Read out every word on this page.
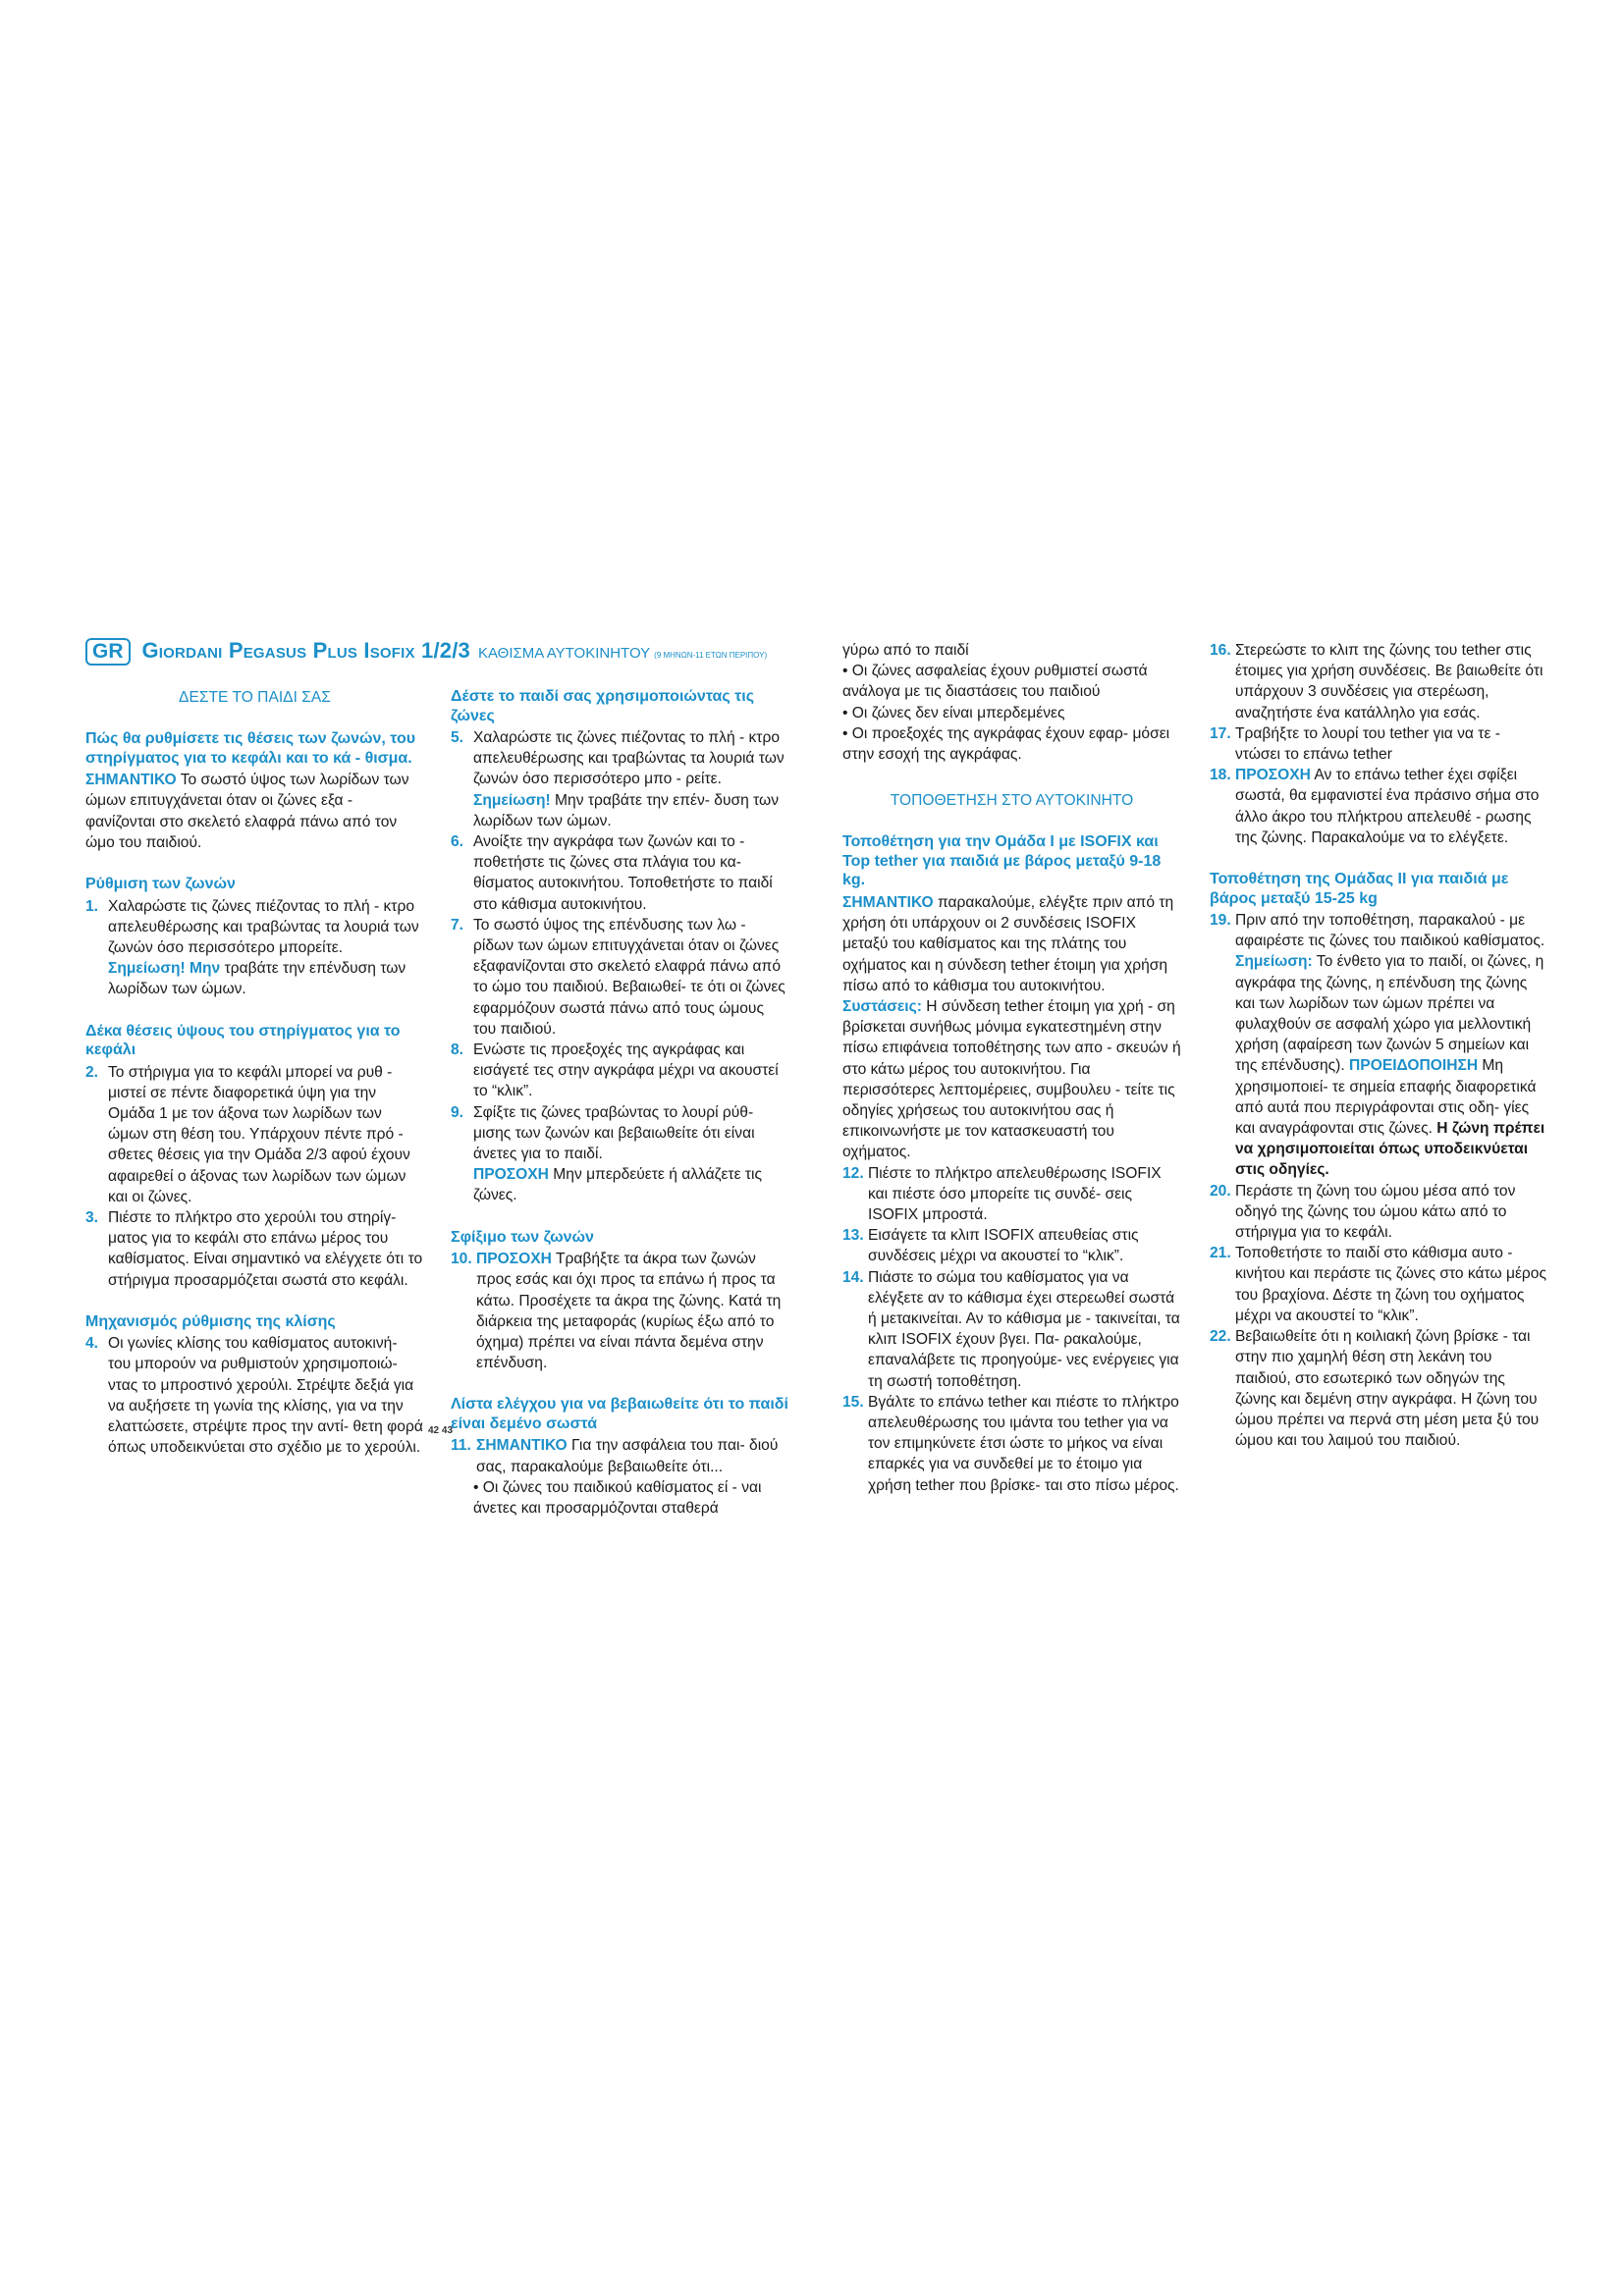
GR Giordani Pegasus Plus Isofix 1/2/3 ΚΑΘΙΣΜΑ ΑΥΤΟΚΙΝΗΤΟΥ (9 ΜΗΝΩΝ-11 ΕΤΩΝ ΠΕΡΙΠΟΥ)

ΔΕΣΤΕ ΤΟ ΠΑΙΔΙ ΣΑΣ

Πώς θα ρυθμίσετε τις θέσεις των ζωνών, του στηρίγματος για το κεφάλι και το κά - θισμα.

ΣΗΜΑΝΤΙΚΟ Το σωστό ύψος των λωρίδων των ώμων επιτυγχάνεται όταν οι ζώνες εξα - φανίζονται στο σκελετό ελαφρά πάνω από τον ώμο του παιδιού.

Ρύθμιση των ζωνών

1. Χαλαρώστε τις ζώνες πιέζοντας το πλή - κτρο απελευθέρωσης και τραβώντας τα λουριά των ζωνών όσο περισσότερο μπορείτε. Σημείωση! Μην τραβάτε την επένδυση των λωρίδων των ώμων.

Δέκα θέσεις ύψους του στηρίγματος για το κεφάλι

2. Το στήριγμα για το κεφάλι μπορεί να ρυθ - μιστεί σε πέντε διαφορετικά ύψη για την Ομάδα 1 με τον άξονα των λωρίδων των ώμων στη θέση του. Υπάρχουν πέντε πρό - σθετες θέσεις για την Ομάδα 2/3 αφού έχουν αφαιρεθεί ο άξονας των λωρίδων των ώμων και οι ζώνες.
3. Πιέστε το πλήκτρο στο χερούλι του στηρίγ- ματος για το κεφάλι στο επάνω μέρος του καθίσματος. Είναι σημαντικό να ελέγχετε ότι το στήριγμα προσαρμόζεται σωστά στο κεφάλι.

Μηχανισμός ρύθμισης της κλίσης

4. Οι γωνίες κλίσης του καθίσματος αυτοκινή- του μπορούν να ρυθμιστούν χρησιμοποιώ- ντας το μπροστινό χερούλι. Στρέψτε δεξιά για να αυξήσετε τη γωνία της κλίσης, για να την ελαττώσετε, στρέψτε προς την αντί- θετη φορά όπως υποδεικνύεται στο σχέδιο με το χερούλι.

Δέστε το παιδί σας χρησιμοποιώντας τις ζώνες

5. Χαλαρώστε τις ζώνες πιέζοντας το πλή - κτρο απελευθέρωσης και τραβώντας τα λουριά των ζωνών όσο περισσότερο μπο - ρείτε. Σημείωση! Μην τραβάτε την επέν- δυση των λωρίδων των ώμων.
6. Ανοίξτε την αγκράφα των ζωνών και το - ποθετήστε τις ζώνες στα πλάγια του κα- θίσματος αυτοκινήτου. Τοποθετήστε το παιδί στο κάθισμα αυτοκινήτου.
7. Το σωστό ύψος της επένδυσης των λω - ρίδων των ώμων επιτυγχάνεται όταν οι ζώνες εξαφανίζονται στο σκελετό ελαφρά πάνω από το ώμο του παιδιού. Βεβαιωθεί- τε ότι οι ζώνες εφαρμόζουν σωστά πάνω από τους ώμους του παιδιού.
8. Ενώστε τις προεξοχές της αγκράφας και εισάγετέ τες στην αγκράφα μέχρι να ακουστεί το “κλικ”.
9. Σφίξτε τις ζώνες τραβώντας το λουρί ρύθ- μισης των ζωνών και βεβαιωθείτε ότι είναι άνετες για το παιδί.
ΠΡΟΣΟΧΗ Μην μπερδεύετε ή αλλάζετε τις ζώνες.

Σφίξιμο των ζωνών

10. ΠΡΟΣΟΧΗ Τραβήξτε τα άκρα των ζωνών προς εσάς και όχι προς τα επάνω ή προς τα κάτω. Προσέχετε τα άκρα της ζώνης. Κατά τη διάρκεια της μεταφοράς (κυρίως έξω από το όχημα) πρέπει να είναι πάντα δεμένα στην επένδυση.

Λίστα ελέγχου για να βεβαιωθείτε ότι το παιδί είναι δεμένο σωστά

11. ΣΗΜΑΝΤΙΚΟ Για την ασφάλεια του παι- διού σας, παρακαλούμε βεβαιωθείτε ότι...

• Οι ζώνες του παιδικού καθίσματος εί - ναι άνετες και προσαρμόζονται σταθερά

γύρω από το παιδί

• Οι ζώνες ασφαλείας έχουν ρυθμιστεί σωστά ανάλογα με τις διαστάσεις του παιδιού

• Οι ζώνες δεν είναι μπερδεμένες

• Οι προεξοχές της αγκράφας έχουν εφαρ- μόσει στην εσοχή της αγκράφας.

ΤΟΠΟΘΕΤΗΣΗ ΣΤΟ ΑΥΤΟΚΙΝΗΤΟ

Τοποθέτηση για την Ομάδα I με ISOFIX και Top tether για παιδιά με βάρος μεταξύ 9-18 kg.

ΣΗΜΑΝΤΙΚΟ παρακαλούμε, ελέγξτε πριν από τη χρήση ότι υπάρχουν οι 2 συνδέσεις ISOFIX μεταξύ του καθίσματος και της πλάτης του οχήματος και η σύνδεση tether έτοιμη για χρήση πίσω από το κάθισμα του αυτοκινήτου. Συστάσεις: Η σύνδεση tether έτοιμη για χρή - ση βρίσκεται συνήθως μόνιμα εγκατεστημένη στην πίσω επιφάνεια τοποθέτησης των απο - σκευών ή στο κάτω μέρος του αυτοκινήτου. Για περισσότερες λεπτομέρειες, συμβουλευ - τείτε τις οδηγίες χρήσεως του αυτοκινήτου σας ή επικοινωνήστε με τον κατασκευαστή του οχήματος.

12. Πιέστε το πλήκτρο απελευθέρωσης ISOFIX και πιέστε όσο μπορείτε τις συνδέ- σεις ISOFIX μπροστά.
13. Εισάγετε τα κλιπ ISOFIX απευθείας στις συνδέσεις μέχρι να ακουστεί το “κλικ”.
14. Πιάστε το σώμα του καθίσματος για να ελέγξετε αν το κάθισμα έχει στερεωθεί σωστά ή μετακινείται. Αν το κάθισμα με - τακινείται, τα κλιπ ISOFIX έχουν βγει. Πα- ρακαλούμε, επαναλάβετε τις προηγούμε- νες ενέργειες για τη σωστή τοποθέτηση.
15. Βγάλτε το επάνω tether και πιέστε το πλήκτρο απελευθέρωσης του ιμάντα του tether για να τον επιμηκύνετε έτσι ώστε το μήκος να είναι επαρκές για να συνδεθεί με το έτοιμο για χρήση tether που βρίσκε- ται στο πίσω μέρος.
16. Στερεώστε το κλιπ της ζώνης του tether στις έτοιμες για χρήση συνδέσεις. Βε βαιωθείτε ότι υπάρχουν 3 συνδέσεις για στερέωση, αναζητήστε ένα κατάλληλο για εσάς.
17. Τραβήξτε το λουρί του tether για να τε - ντώσει το επάνω tether
18. ΠΡΟΣΟΧΗ Αν το επάνω tether έχει σφίξει σωστά, θα εμφανιστεί ένα πράσινο σήμα στο άλλο άκρο του πλήκτρου απελευθέ - ρωσης της ζώνης. Παρακαλούμε να το ελέγξετε.

Τοποθέτηση της Ομάδας II για παιδιά με βάρος μεταξύ 15-25 kg

19. Πριν από την τοποθέτηση, παρακαλού - με αφαιρέστε τις ζώνες του παιδικού καθίσματος. Σημείωση: Το ένθετο για το παιδί, οι ζώνες, η αγκράφα της ζώνης, η επένδυση της ζώνης και των λωρίδων των ώμων πρέπει να φυλαχθούν σε ασφαλή χώρο για μελλοντική χρήση (αφαίρεση των ζωνών 5 σημείων και της επένδυσης). ΠΡΟΕΙΔΟΠΟΙΗΣΗ Μη χρησιμοποιεί- τε σημεία επαφής διαφορετικά από αυτά που περιγράφονται στις οδη- γίες και αναγράφονται στις ζώνες. Η ζώνη πρέπει να χρησιμοποιείται όπως υποδεικνύεται στις οδηγίες.
20. Περάστε τη ζώνη του ώμου μέσα από τον οδηγό της ζώνης του ώμου κάτω από το στήριγμα για το κεφάλι.
21. Τοποθετήστε το παιδί στο κάθισμα αυτο - κινήτου και περάστε τις ζώνες στο κάτω μέρος του βραχίονα. Δέστε τη ζώνη του οχήματος μέχρι να ακουστεί το “κλικ”.
22. Βεβαιωθείτε ότι η κοιλιακή ζώνη βρίσκε - ται στην πιο χαμηλή θέση στη λεκάνη του παιδιού, στο εσωτερικό των οδηγών της ζώνης και δεμένη στην αγκράφα. Η ζώνη του ώμου πρέπει να περνά στη μέση μετα ξύ του ώμου και του λαιμού του παιδιού.
42 43
